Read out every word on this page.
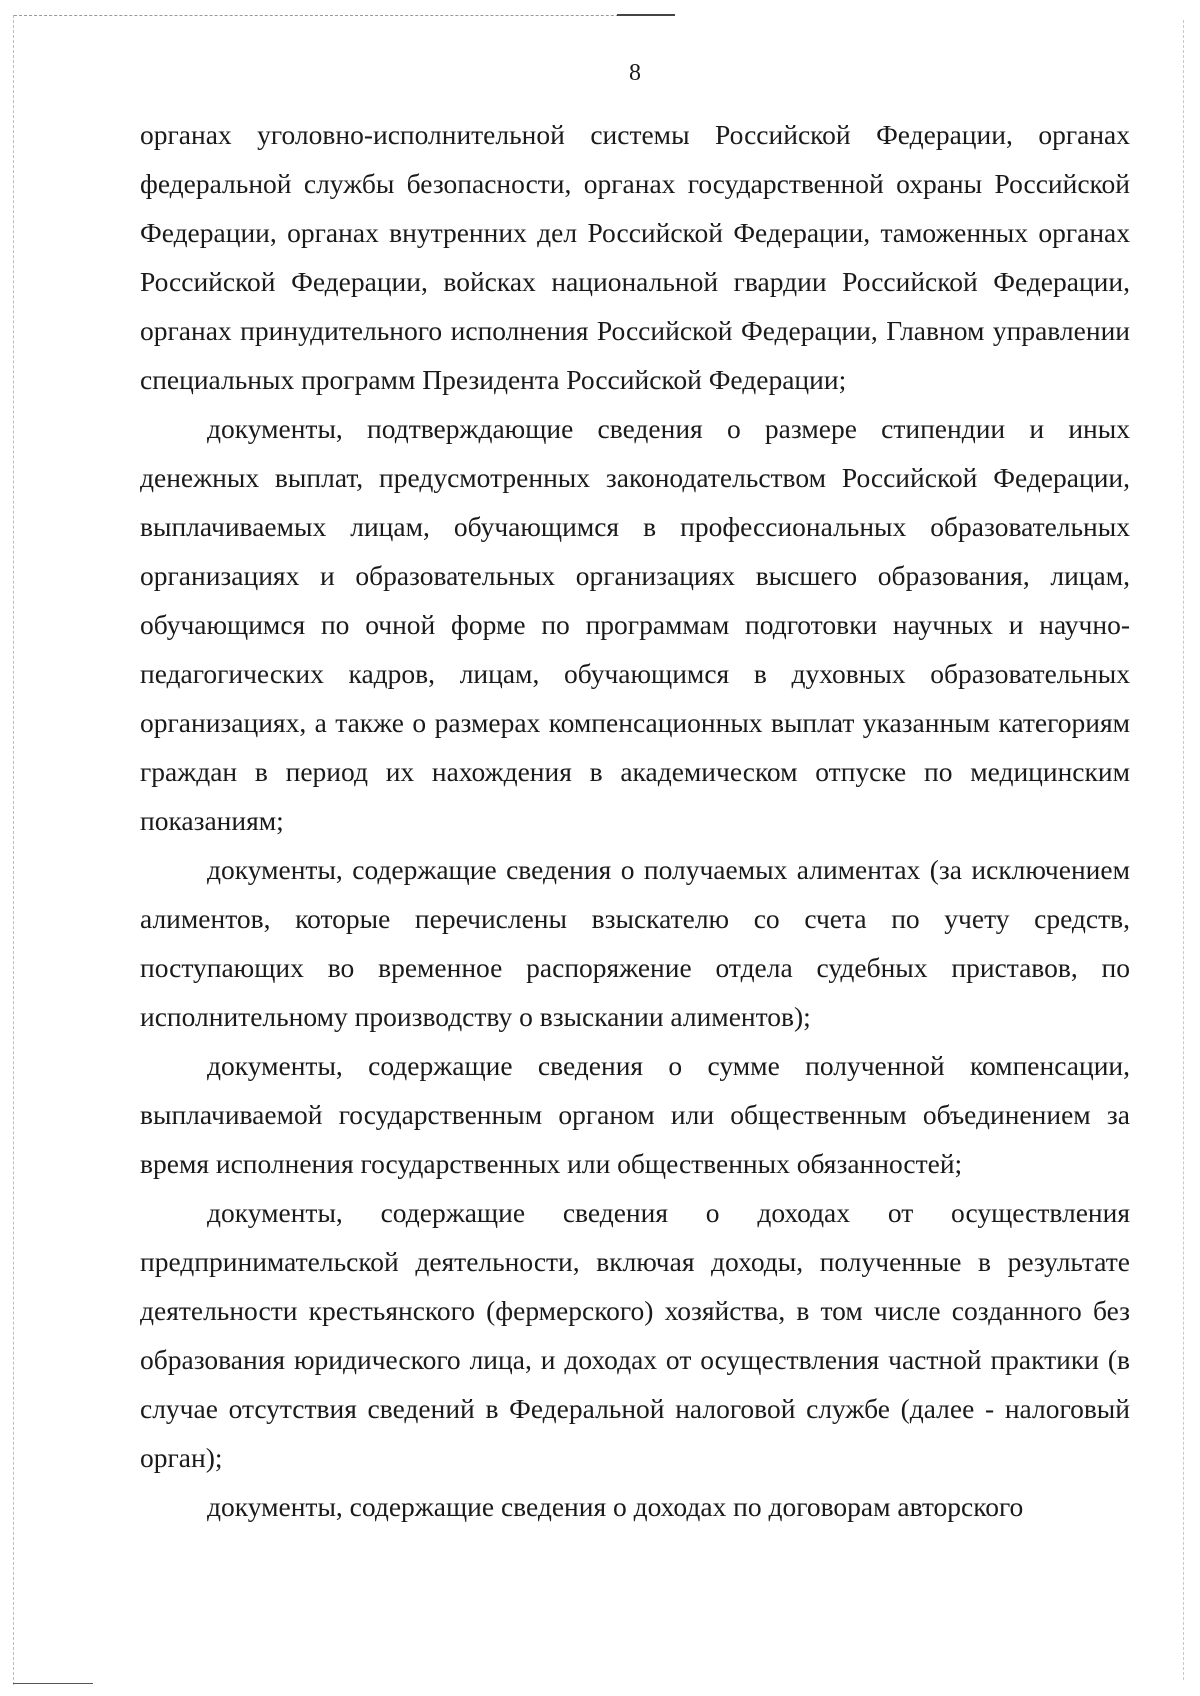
8

органах уголовно-исполнительной системы Российской Федерации, органах федеральной службы безопасности, органах государственной охраны Российской Федерации, органах внутренних дел Российской Федерации, таможенных органах Российской Федерации, войсках национальной гвардии Российской Федерации, органах принудительного исполнения Российской Федерации, Главном управлении специальных программ Президента Российской Федерации;

документы, подтверждающие сведения о размере стипендии и иных денежных выплат, предусмотренных законодательством Российской Федерации, выплачиваемых лицам, обучающимся в профессиональных образовательных организациях и образовательных организациях высшего образования, лицам, обучающимся по очной форме по программам подготовки научных и научно-педагогических кадров, лицам, обучающимся в духовных образовательных организациях, а также о размерах компенсационных выплат указанным категориям граждан в период их нахождения в академическом отпуске по медицинским показаниям;

документы, содержащие сведения о получаемых алиментах (за исключением алиментов, которые перечислены взыскателю со счета по учету средств, поступающих во временное распоряжение отдела судебных приставов, по исполнительному производству о взыскании алиментов);

документы, содержащие сведения о сумме полученной компенсации, выплачиваемой государственным органом или общественным объединением за время исполнения государственных или общественных обязанностей;

документы, содержащие сведения о доходах от осуществления предпринимательской деятельности, включая доходы, полученные в результате деятельности крестьянского (фермерского) хозяйства, в том числе созданного без образования юридического лица, и доходах от осуществления частной практики (в случае отсутствия сведений в Федеральной налоговой службе (далее - налоговый орган);

документы, содержащие сведения о доходах по договорам авторского
